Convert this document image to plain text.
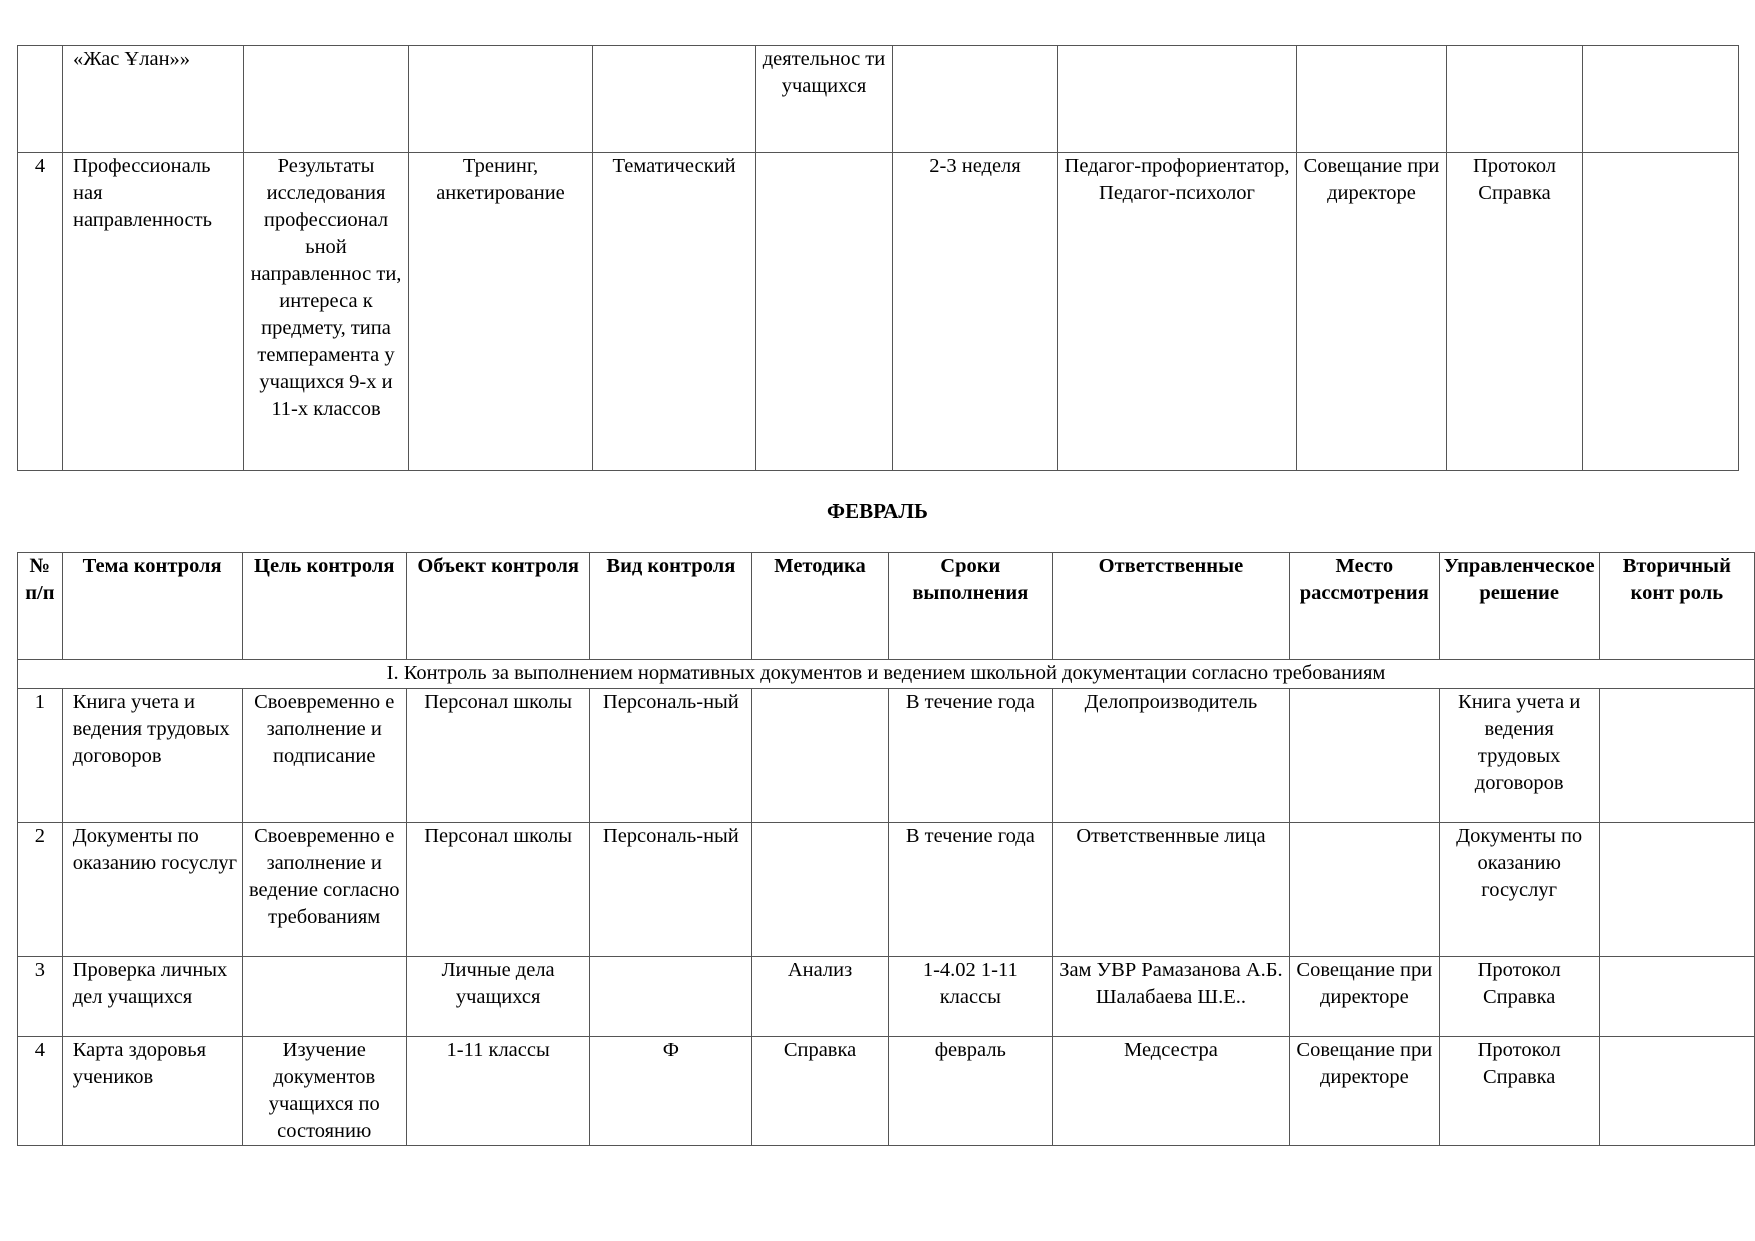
	«Жас Ұлан»»				деятельнос ти учащихся					
4	Профессиональ ная направленность	Результаты исследования профессионал ьной направленнос ти, интереса к предмету, типа темперамента у учащихся 9-х и 11-х классов	Тренинг, анкетирование	Тематический		2-3 неделя	Педагог-профориентатор, Педагог-психолог	Совещание при директоре	Протокол Справка	
ФЕВРАЛЬ
№ п/п	Тема контроля	Цель контроля	Объект контроля	Вид контроля	Методика	Сроки выполнения	Ответственные	Место рассмотрения	Управленческое решение	Вторичный конт роль
I. Контроль за выполнением нормативных документов и ведением школьной документации согласно требованиям										
1	Книга учета и ведения трудовых договоров	Своевременно е заполнение и подписание	Персонал школы	Персональ-ный		В течение года	Делопроизводитель		Книга учета и ведения трудовых договоров	
2	Документы по оказанию госуслуг	Своевременно е заполнение и ведение согласно требованиям	Персонал школы	Персональ-ный		В течение года	Ответственнвые лица		Документы по оказанию госуслуг	
3	Проверка личных дел учащихся		Личные дела учащихся		Анализ	1-4.02 1-11 классы	Зам УВР Рамазанова А.Б. Шалабаева Ш.Е..	Совещание при директоре	Протокол Справка	
4	Карта здоровья учеников	Изучение документов учащихся по состоянию	1-11 классы	Ф	Справка	февраль	Медсестра	Совещание при директоре	Протокол Справка	
